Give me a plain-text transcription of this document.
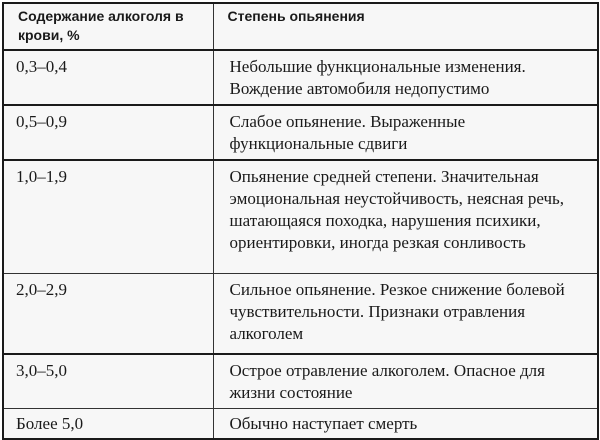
Содержание алкоголя в крови, %	Степень опьянения
0,3–0,4	Небольшие функциональные изменения. Вождение автомобиля недопустимо
0,5–0,9	Слабое опьянение. Выраженные функциональные сдвиги
1,0–1,9	Опьянение средней степени. Значительная эмоциональная неустойчивость, неясная речь, шатающаяся походка, нарушения психики, ориентировки, иногда резкая сонливость
2,0–2,9	Сильное опьянение. Резкое снижение болевой чувствительности. Признаки отравления алкоголем
3,0–5,0	Острое отравление алкоголем. Опасное для жизни состояние
Более 5,0	Обычно наступает смерть
